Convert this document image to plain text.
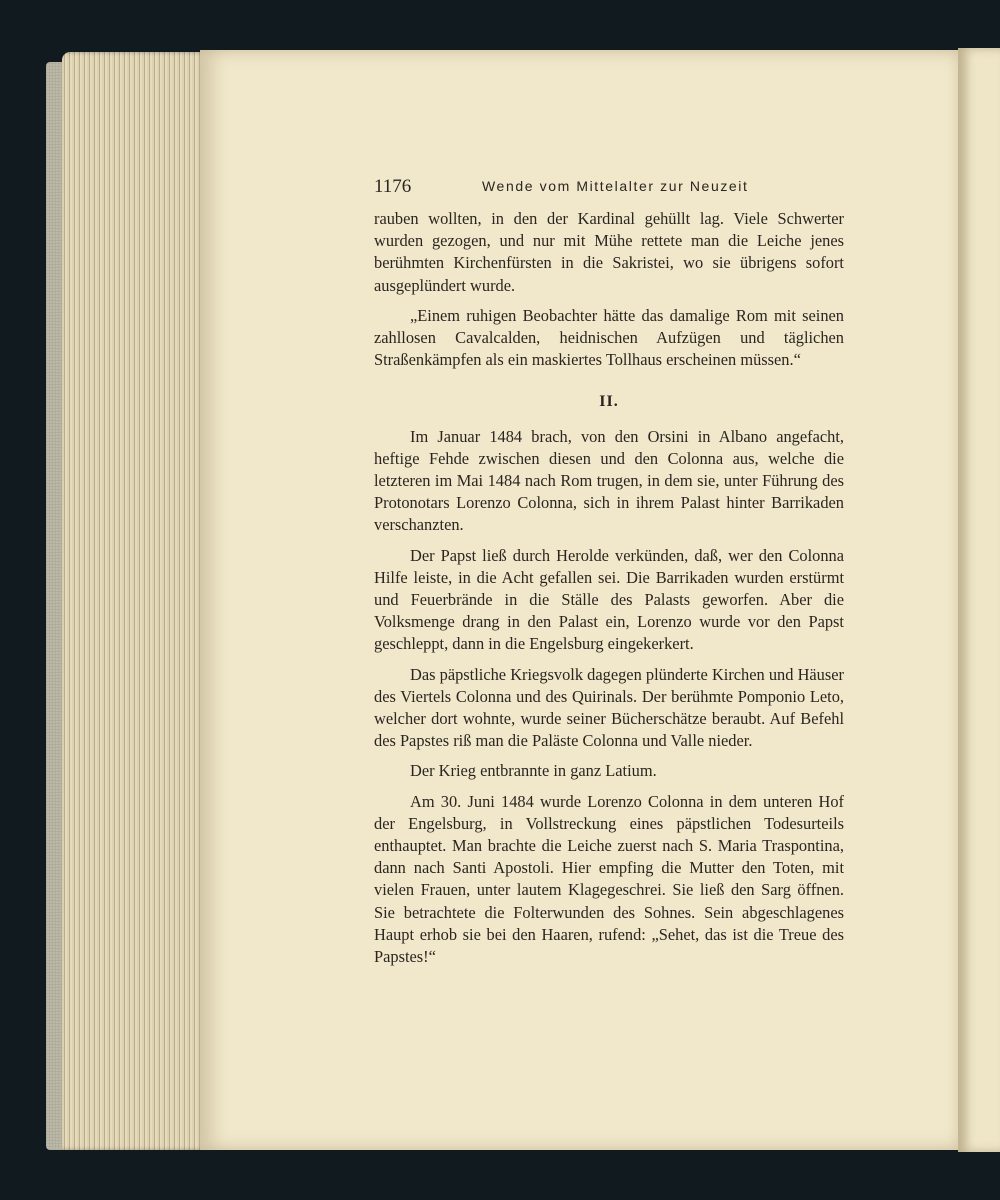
1176	Wende vom Mittelalter zur Neuzeit

rauben wollten, in den der Kardinal gehüllt lag. Viele Schwerter wurden gezogen, und nur mit Mühe rettete man die Leiche jenes berühmten Kirchenfürsten in die Sakristei, wo sie übrigens sofort ausgeplündert wurde.

„Einem ruhigen Beobachter hätte das damalige Rom mit seinen zahllosen Cavalcalden, heidnischen Aufzügen und täglichen Straßenkämpfen als ein maskiertes Tollhaus erscheinen müssen.“

II.

Im Januar 1484 brach, von den Orsini in Albano angefacht, heftige Fehde zwischen diesen und den Colonna aus, welche die letzteren im Mai 1484 nach Rom trugen, in dem sie, unter Führung des Protonotars Lorenzo Colonna, sich in ihrem Palast hinter Barrikaden verschanzten.

Der Papst ließ durch Herolde verkünden, daß, wer den Colonna Hilfe leiste, in die Acht gefallen sei. Die Barrikaden wurden erstürmt und Feuerbrände in die Ställe des Palasts geworfen. Aber die Volksmenge drang in den Palast ein, Lorenzo wurde vor den Papst geschleppt, dann in die Engelsburg eingekerkert.

Das päpstliche Kriegsvolk dagegen plünderte Kirchen und Häuser des Viertels Colonna und des Quirinals. Der berühmte Pomponio Leto, welcher dort wohnte, wurde seiner Bücherschätze beraubt. Auf Befehl des Papstes riß man die Paläste Colonna und Valle nieder.

Der Krieg entbrannte in ganz Latium.

Am 30. Juni 1484 wurde Lorenzo Colonna in dem unteren Hof der Engelsburg, in Vollstreckung eines päpstlichen Todesurteils enthauptet. Man brachte die Leiche zuerst nach S. Maria Traspontina, dann nach Santi Apostoli. Hier empfing die Mutter den Toten, mit vielen Frauen, unter lautem Klagegeschrei. Sie ließ den Sarg öffnen. Sie betrachtete die Folterwunden des Sohnes. Sein abgeschlagenes Haupt erhob sie bei den Haaren, rufend: „Sehet, das ist die Treue des Papstes!“
